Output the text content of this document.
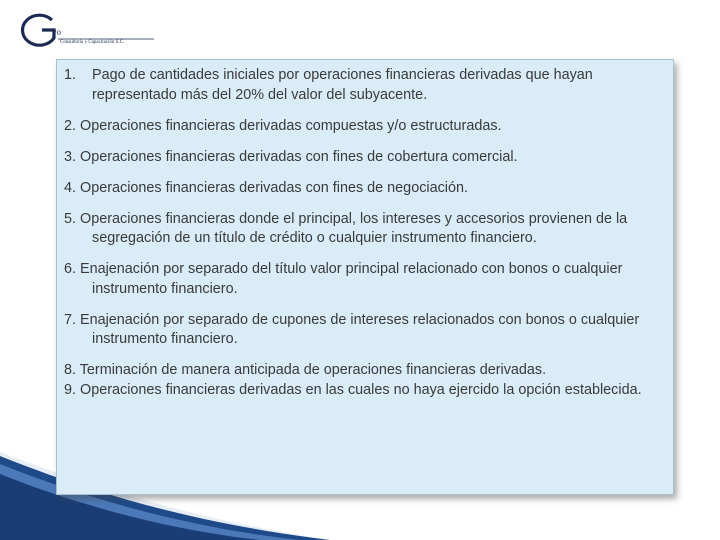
yo
Consultoría y Capacitación S.C.
1.	Pago de cantidades iniciales por operaciones financieras derivadas que hayan representado más del 20% del valor del subyacente.
2. Operaciones financieras derivadas compuestas y/o estructuradas.
3. Operaciones financieras derivadas con fines de cobertura comercial.
4. Operaciones financieras derivadas con fines de negociación.
5. Operaciones financieras donde el principal, los intereses y accesorios provienen de la segregación de un título de crédito o cualquier instrumento financiero.
6. Enajenación por separado del título valor principal relacionado con bonos o cualquier instrumento financiero.
7. Enajenación por separado de cupones de intereses relacionados con bonos o cualquier instrumento financiero.
8. Terminación de manera anticipada de operaciones financieras derivadas.
9. Operaciones financieras derivadas en las cuales no haya ejercido la opción establecida.
